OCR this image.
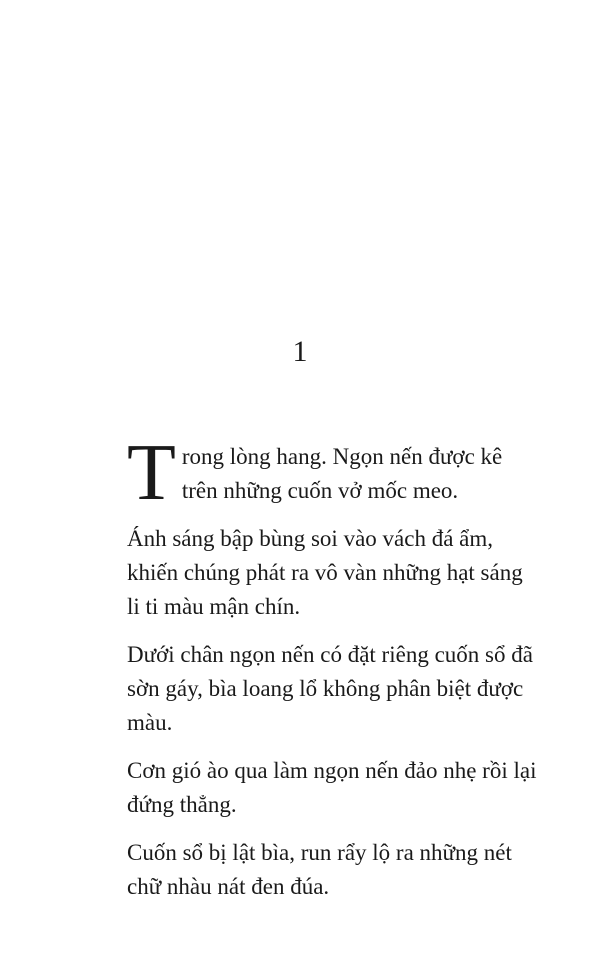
1

Trong lòng hang. Ngọn nến được kê trên những cuốn vở mốc meo.

Ánh sáng bập bùng soi vào vách đá ẩm, khiến chúng phát ra vô vàn những hạt sáng li ti màu mận chín.

Dưới chân ngọn nến có đặt riêng cuốn sổ đã sờn gáy, bìa loang lổ không phân biệt được màu.

Cơn gió ào qua làm ngọn nến đảo nhẹ rồi lại đứng thẳng.

Cuốn sổ bị lật bìa, run rẩy lộ ra những nét chữ nhàu nát đen đúa.
